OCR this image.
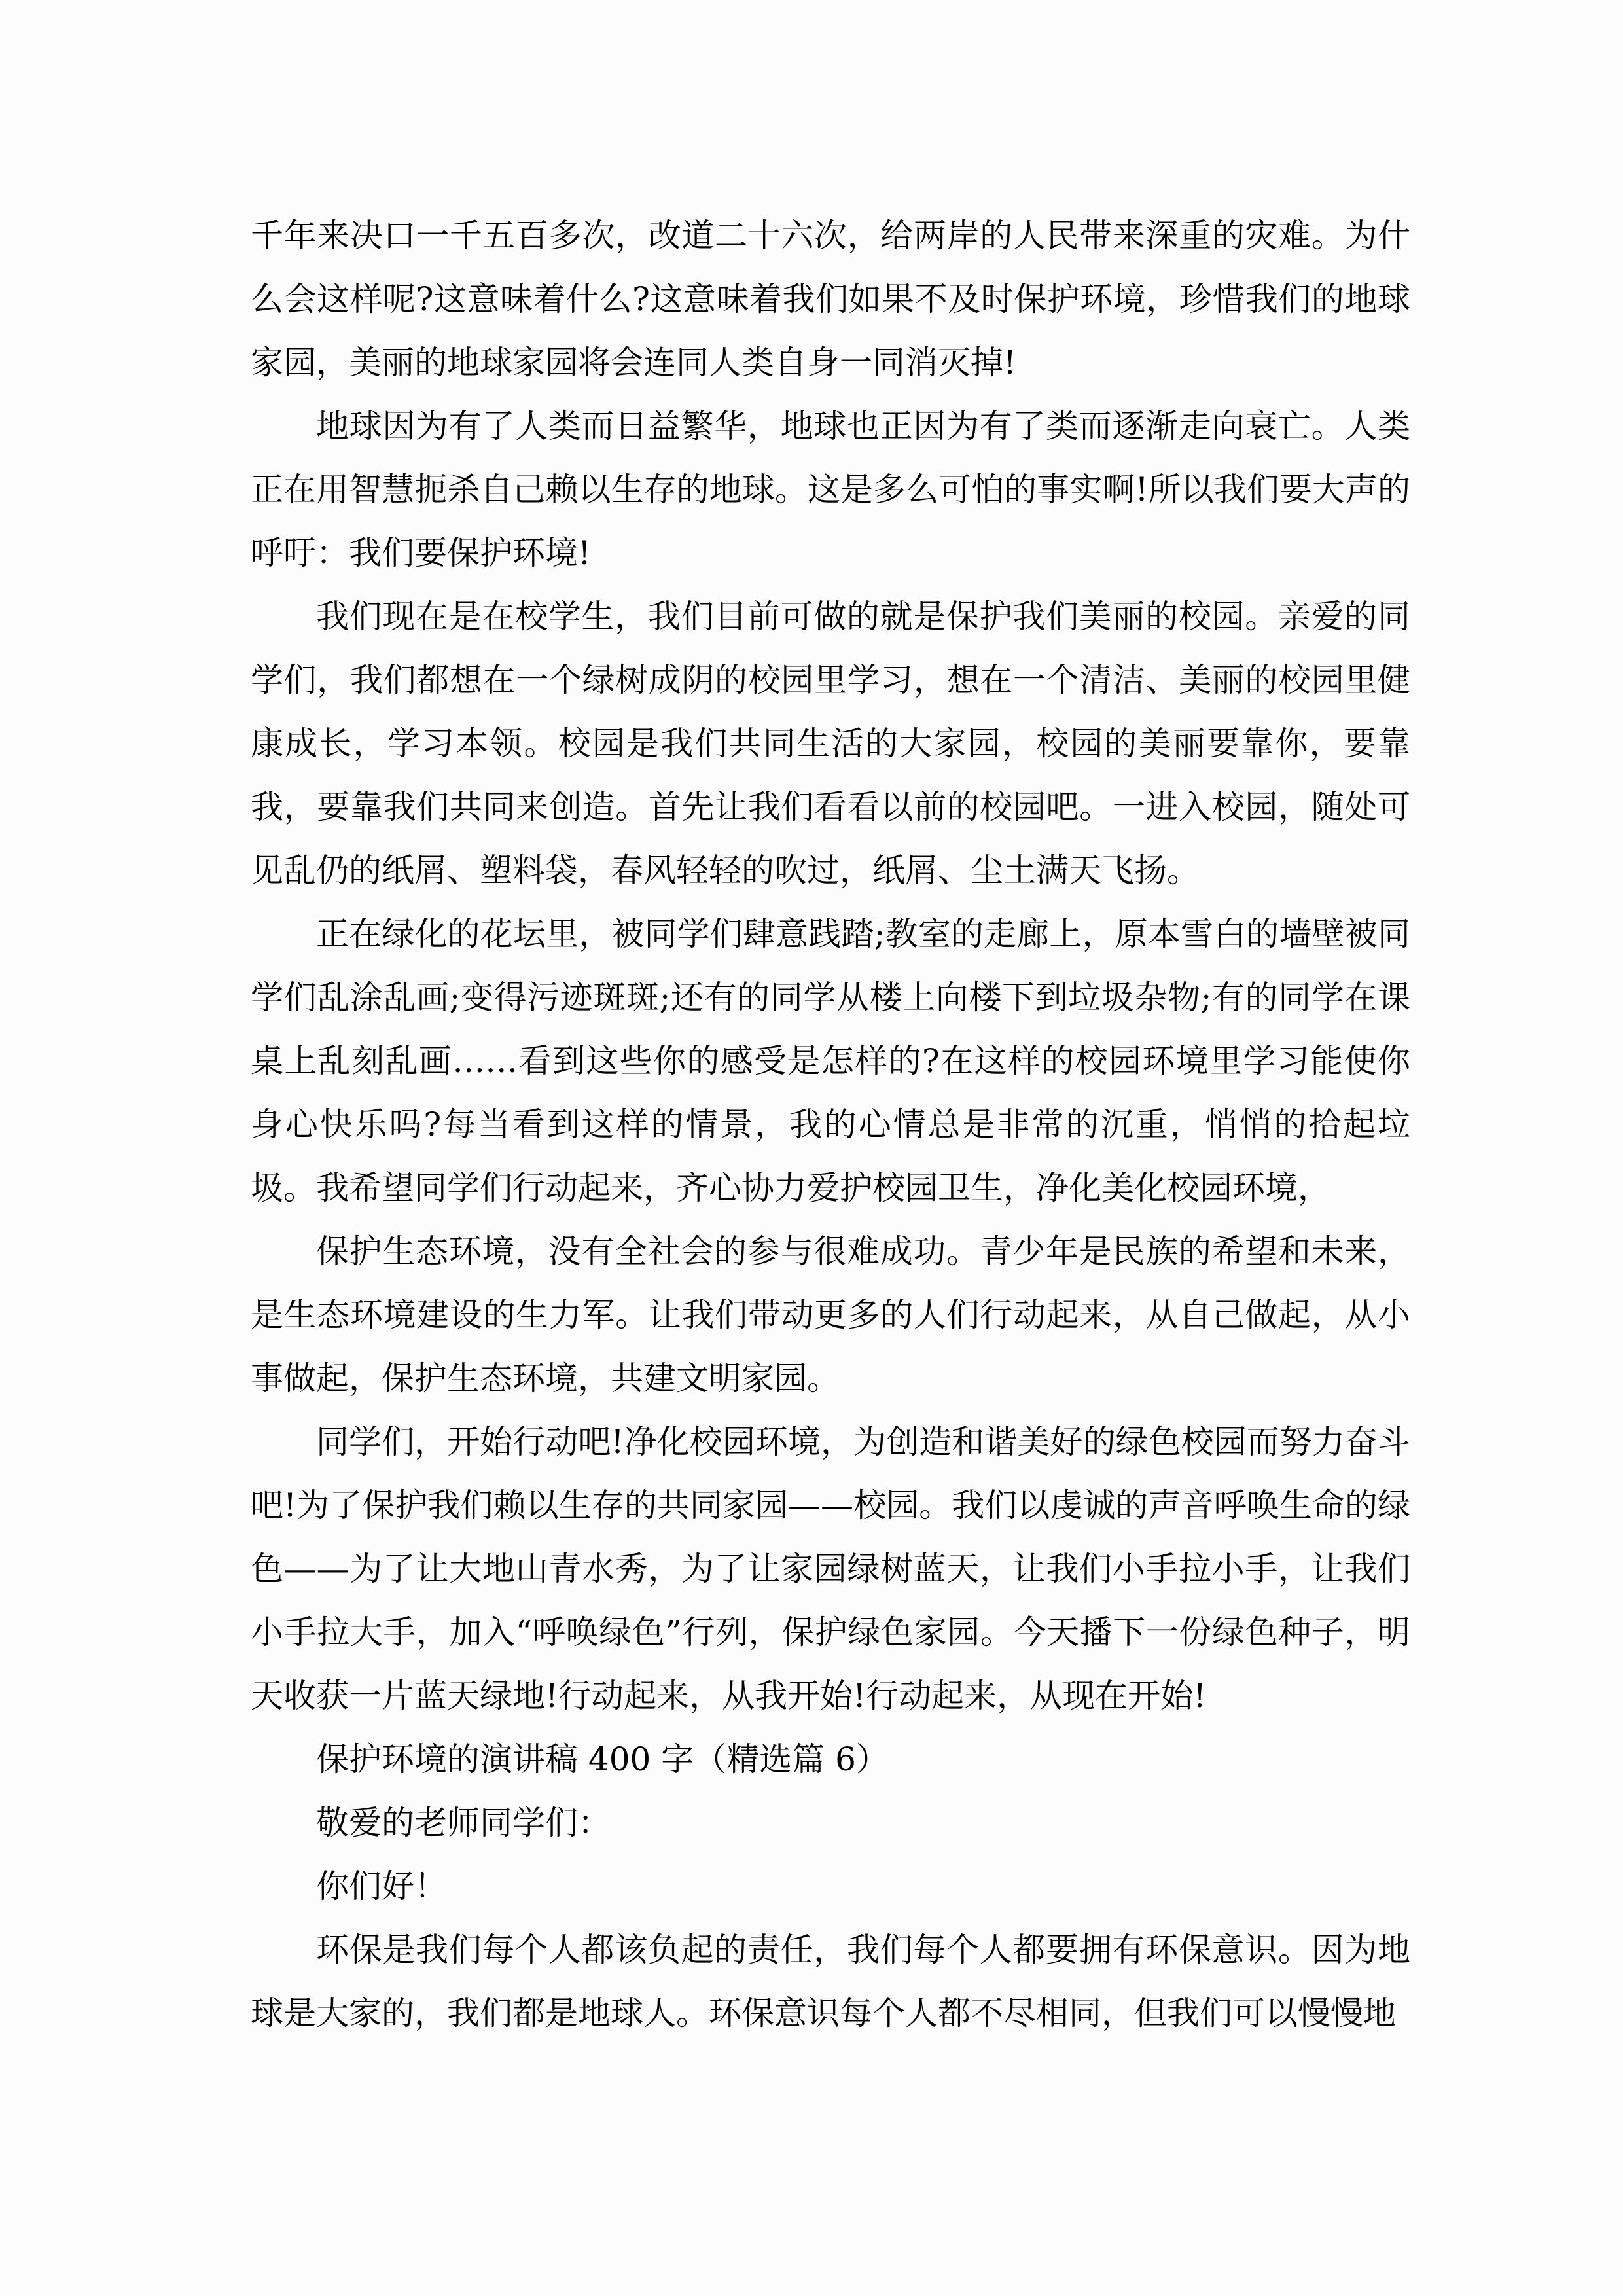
千年来决口一千五百多次，改道二十六次，给两岸的人民带来深重的灾难。为什么会这样呢?这意味着什么?这意味着我们如果不及时保护环境，珍惜我们的地球家园，美丽的地球家园将会连同人类自身一同消灭掉!

地球因为有了人类而日益繁华，地球也正因为有了类而逐渐走向衰亡。人类正在用智慧扼杀自己赖以生存的地球。这是多么可怕的事实啊!所以我们要大声的呼吁：我们要保护环境!

我们现在是在校学生，我们目前可做的就是保护我们美丽的校园。亲爱的同学们，我们都想在一个绿树成阴的校园里学习，想在一个清洁、美丽的校园里健康成长，学习本领。校园是我们共同生活的大家园，校园的美丽要靠你，要靠我，要靠我们共同来创造。首先让我们看看以前的校园吧。一进入校园，随处可见乱仍的纸屑、塑料袋，春风轻轻的吹过，纸屑、尘土满天飞扬。

正在绿化的花坛里，被同学们肆意践踏;教室的走廊上，原本雪白的墙壁被同学们乱涂乱画;变得污迹斑斑;还有的同学从楼上向楼下到垃圾杂物;有的同学在课桌上乱刻乱画……看到这些你的感受是怎样的?在这样的校园环境里学习能使你身心快乐吗?每当看到这样的情景，我的心情总是非常的沉重，悄悄的拾起垃圾。我希望同学们行动起来，齐心协力爱护校园卫生，净化美化校园环境，

保护生态环境，没有全社会的参与很难成功。青少年是民族的希望和未来，是生态环境建设的生力军。让我们带动更多的人们行动起来，从自己做起，从小事做起，保护生态环境，共建文明家园。

同学们，开始行动吧!净化校园环境，为创造和谐美好的绿色校园而努力奋斗吧!为了保护我们赖以生存的共同家园——校园。我们以虔诚的声音呼唤生命的绿色——为了让大地山青水秀，为了让家园绿树蓝天，让我们小手拉小手，让我们小手拉大手，加入“呼唤绿色”行列，保护绿色家园。今天播下一份绿色种子，明天收获一片蓝天绿地!行动起来，从我开始!行动起来，从现在开始!

保护环境的演讲稿 400 字（精选篇 6）

敬爱的老师同学们：

你们好！

环保是我们每个人都该负起的责任，我们每个人都要拥有环保意识。因为地球是大家的，我们都是地球人。环保意识每个人都不尽相同，但我们可以慢慢地
